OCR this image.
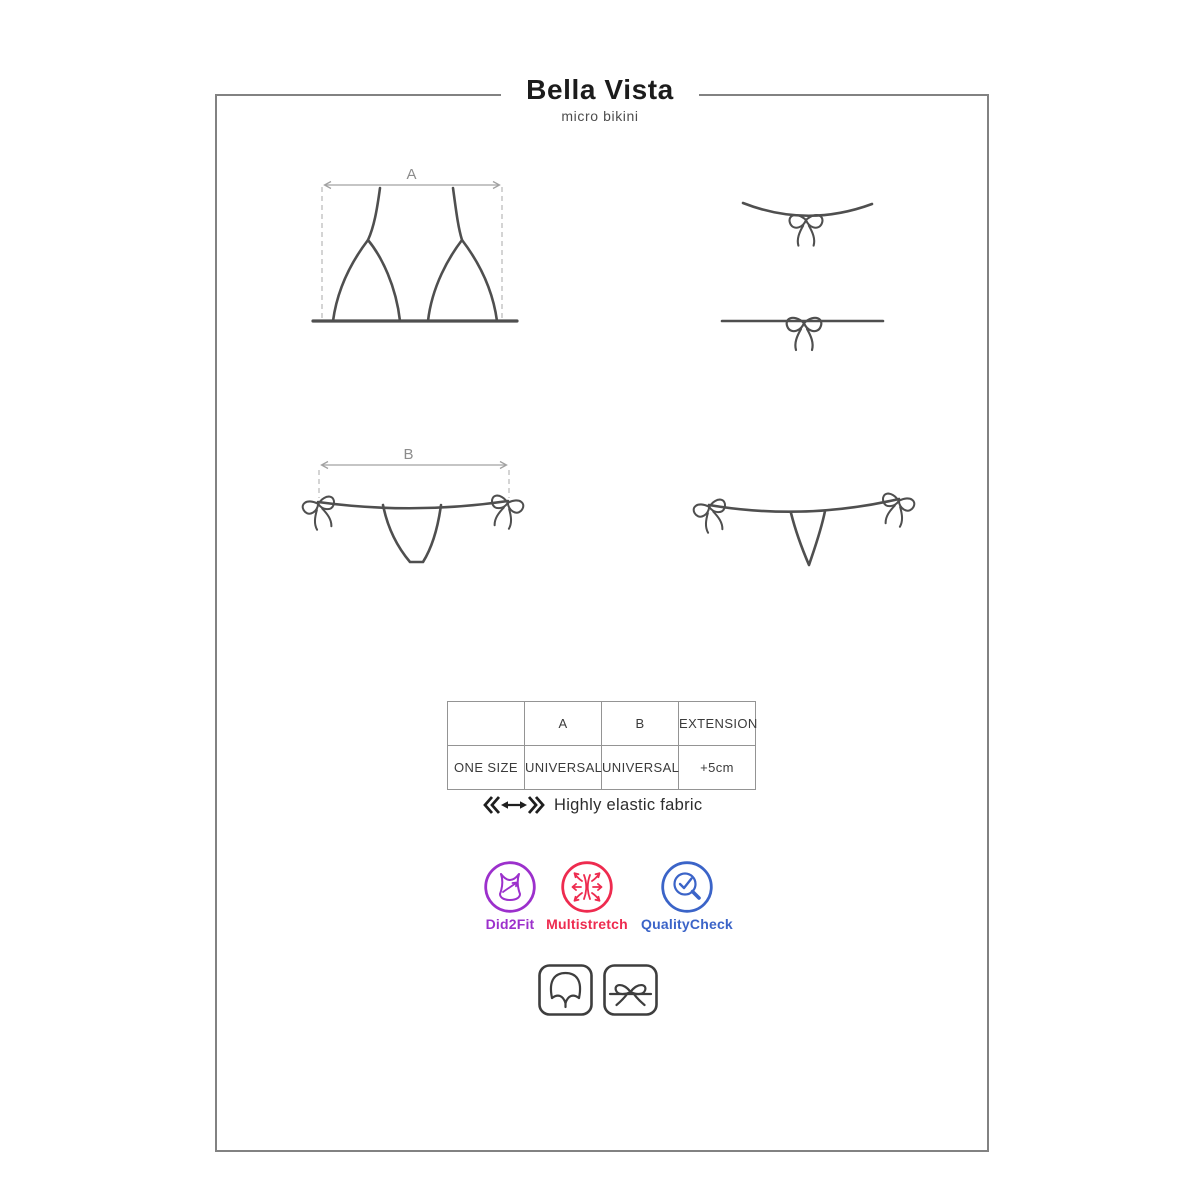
Bella Vista
micro bikini
A
B
	A	B	EXTENSION
ONE SIZE	UNIVERSAL	UNIVERSAL	+5cm
Highly elastic fabric
Did2Fit Multistretch QualityCheck
